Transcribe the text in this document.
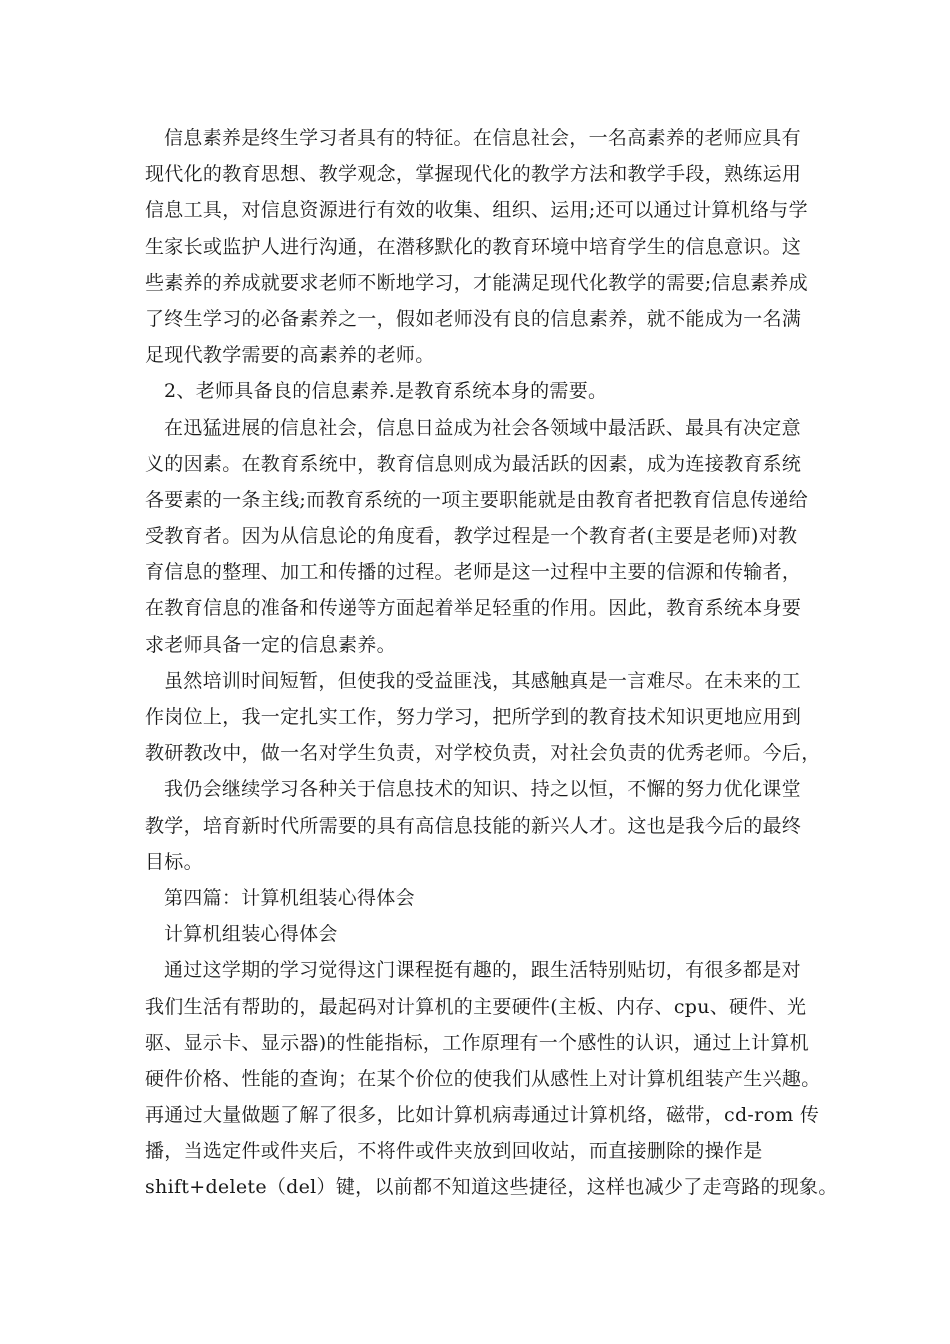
信息素养是终生学习者具有的特征。在信息社会，一名高素养的老师应具有
现代化的教育思想、教学观念，掌握现代化的教学方法和教学手段，熟练运用
信息工具，对信息资源进行有效的收集、组织、运用;还可以通过计算机络与学
生家长或监护人进行沟通，在潜移默化的教育环境中培育学生的信息意识。这
些素养的养成就要求老师不断地学习，才能满足现代化教学的需要;信息素养成
了终生学习的必备素养之一，假如老师没有良的信息素养，就不能成为一名满
足现代教学需要的高素养的老师。
2、老师具备良的信息素养.是教育系统本身的需要。
在迅猛进展的信息社会，信息日益成为社会各领域中最活跃、最具有决定意
义的因素。在教育系统中，教育信息则成为最活跃的因素，成为连接教育系统
各要素的一条主线;而教育系统的一项主要职能就是由教育者把教育信息传递给
受教育者。因为从信息论的角度看，教学过程是一个教育者(主要是老师)对教
育信息的整理、加工和传播的过程。老师是这一过程中主要的信源和传输者，
在教育信息的准备和传递等方面起着举足轻重的作用。因此，教育系统本身要
求老师具备一定的信息素养。
虽然培训时间短暂，但使我的受益匪浅，其感触真是一言难尽。在未来的工
作岗位上，我一定扎实工作，努力学习，把所学到的教育技术知识更地应用到
教研教改中，做一名对学生负责，对学校负责，对社会负责的优秀老师。今后，
我仍会继续学习各种关于信息技术的知识、持之以恒，不懈的努力优化课堂
教学，培育新时代所需要的具有高信息技能的新兴人才。这也是我今后的最终
目标。
第四篇：计算机组装心得体会
计算机组装心得体会
通过这学期的学习觉得这门课程挺有趣的，跟生活特别贴切，有很多都是对
我们生活有帮助的，最起码对计算机的主要硬件(主板、内存、cpu、硬件、光
驱、显示卡、显示器)的性能指标，工作原理有一个感性的认识，通过上计算机
硬件价格、性能的查询；在某个价位的使我们从感性上对计算机组装产生兴趣。
再通过大量做题了解了很多，比如计算机病毒通过计算机络，磁带，cd-rom 传
播，当选定件或件夹后，不将件或件夹放到回收站，而直接删除的操作是
shift+delete（del）键，以前都不知道这些捷径，这样也减少了走弯路的现象。
